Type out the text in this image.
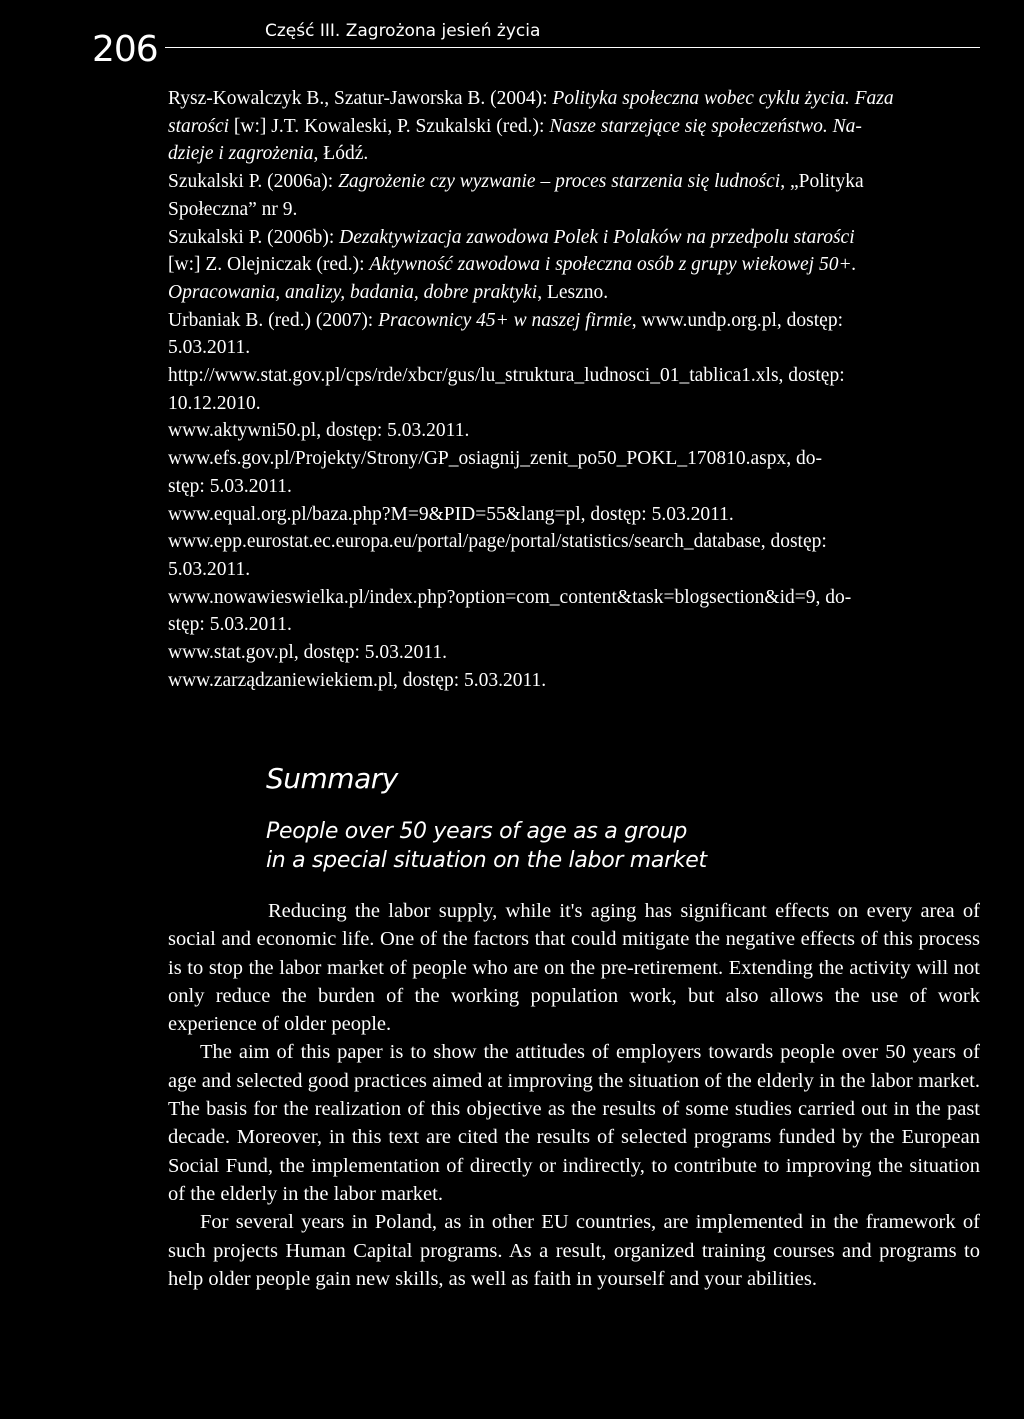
206	Część III. Zagrożona jesień życia
Rysz-Kowalczyk B., Szatur-Jaworska B. (2004): Polityka społeczna wobec cyklu życia. Faza
starości [w:] J.T. Kowaleski, P. Szukalski (red.): Nasze starzejące się społeczeństwo. Na-
dzieje i zagrożenia, Łódź.
Szukalski P. (2006a): Zagrożenie czy wyzwanie – proces starzenia się ludności, „Polityka
Społeczna” nr 9.
Szukalski P. (2006b): Dezaktywizacja zawodowa Polek i Polaków na przedpolu starości
[w:] Z. Olejniczak (red.): Aktywność zawodowa i społeczna osób z grupy wiekowej 50+.
Opracowania, analizy, badania, dobre praktyki, Leszno.
Urbaniak B. (red.) (2007): Pracownicy 45+ w naszej firmie, www.undp.org.pl, dostęp:
5.03.2011.
http://www.stat.gov.pl/cps/rde/xbcr/gus/lu_struktura_ludnosci_01_tablica1.xls, dostęp:
10.12.2010.
www.aktywni50.pl, dostęp: 5.03.2011.
www.efs.gov.pl/Projekty/Strony/GP_osiagnij_zenit_po50_POKL_170810.aspx, do-
stęp: 5.03.2011.
www.equal.org.pl/baza.php?M=9&PID=55&lang=pl, dostęp: 5.03.2011.
www.epp.eurostat.ec.europa.eu/portal/page/portal/statistics/search_database, dostęp:
5.03.2011.
www.nowawieswielka.pl/index.php?option=com_content&task=blogsection&id=9, do-
stęp: 5.03.2011.
www.stat.gov.pl, dostęp: 5.03.2011.
www.zarządzaniewiekiem.pl, dostęp: 5.03.2011.
Summary
People over 50 years of age as a group
in a special situation on the labor market

Reducing the labor supply, while it's aging has significant effects on every area of social and economic life. One of the factors that could mitigate the negative effects of this process is to stop the labor market of people who are on the pre-retirement. Extending the activity will not only reduce the burden of the working population work, but also allows the use of work experience of older people.

The aim of this paper is to show the attitudes of employers towards people over 50 years of age and selected good practices aimed at improving the situation of the elderly in the labor market. The basis for the realization of this objective as the results of some studies carried out in the past decade. Moreover, in this text are cited the results of selected programs funded by the European Social Fund, the implementation of directly or indirectly, to contribute to improving the situation of the elderly in the labor market.

For several years in Poland, as in other EU countries, are implemented in the framework of such projects Human Capital programs. As a result, organized training courses and programs to help older people gain new skills, as well as faith in yourself and your abilities.
